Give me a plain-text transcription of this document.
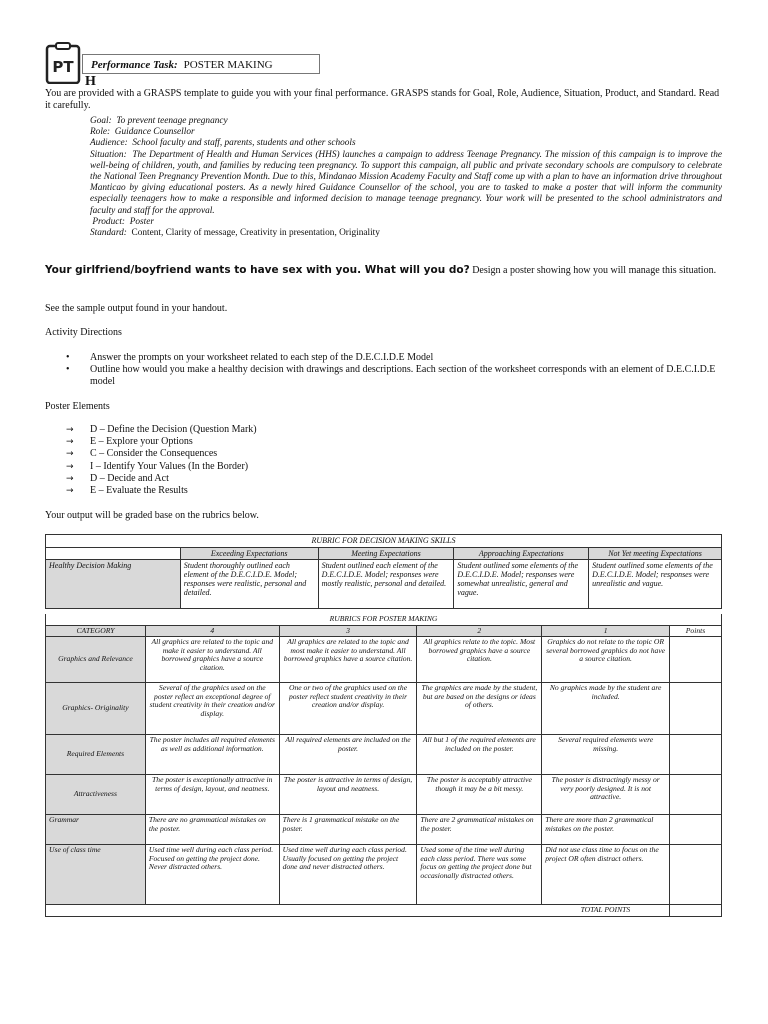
PT	Performance Task: POSTER MAKING
H
You are provided with a GRASPS template to guide you with your final performance. GRASPS stands for Goal, Role, Audience, Situation, Product, and Standard. Read it carefully.
Goal: To prevent teenage pregnancy
Role: Guidance Counsellor
Audience: School faculty and staff, parents, students and other schools
Situation: The Department of Health and Human Services (HHS) launches a campaign to address Teenage Pregnancy. The mission of this campaign is to improve the well-being of children, youth, and families by reducing teen pregnancy. To support this campaign, all public and private secondary schools are compulsory to celebrate the National Teen Pregnancy Prevention Month. Due to this, Mindanao Mission Academy Faculty and Staff come up with a plan to have an information drive throughout Manticao by giving educational posters. As a newly hired Guidance Counsellor of the school, you are to tasked to make a poster that will inform the community especially teenagers how to make a responsible and informed decision to manage teenage pregnancy. Your work will be presented to the school administrators and faculty and staff for the approval.
Product: Poster
Standard: Content, Clarity of message, Creativity in presentation, Originality
Your girlfriend/boyfriend wants to have sex with you. What will you do? Design a poster showing how you will manage this situation.
See the sample output found in your handout.
Activity Directions
• Answer the prompts on your worksheet related to each step of the D.E.C.I.D.E Model
• Outline how would you make a healthy decision with drawings and descriptions. Each section of the worksheet corresponds with an element of D.E.C.I.D.E model
Poster Elements
→ D – Define the Decision (Question Mark)
→ E – Explore your Options
→ C – Consider the Consequences
→ I – Identify Your Values (In the Border)
→ D – Decide and Act
→ E – Evaluate the Results
Your output will be graded base on the rubrics below.
RUBRIC FOR DECISION MAKING SKILLS				
	Exceeding Expectations	Meeting Expectations	Approaching Expectations	Not Yet meeting Expectations
Healthy Decision Making	Student thoroughly outlined each element of the D.E.C.I.D.E. Model; responses were realistic, personal and detailed.	Student outlined each element of the D.E.C.I.D.E. Model; responses were mostly realistic, personal and detailed.	Student outlined some elements of the D.E.C.I.D.E. Model; responses were somewhat unrealistic, general and vague.	Student outlined some elements of the D.E.C.I.D.E. Model; responses were unrealistic and vague.
RUBRICS FOR POSTER MAKING					
CATEGORY	4	3	2	1	Points
Graphics and Relevance	All graphics are related to the topic and make it easier to understand. All borrowed graphics have a source citation.	All graphics are related to the topic and most make it easier to understand. All borrowed graphics have a source citation.	All graphics relate to the topic. Most borrowed graphics have a source citation.	Graphics do not relate to the topic OR several borrowed graphics do not have a source citation.	
Graphics- Originality	Several of the graphics used on the poster reflect an exceptional degree of student creativity in their creation and/or display.	One or two of the graphics used on the poster reflect student creativity in their creation and/or display.	The graphics are made by the student, but are based on the designs or ideas of others.	No graphics made by the student are included.	
Required Elements	The poster includes all required elements as well as additional information.	All required elements are included on the poster.	All but 1 of the required elements are included on the poster.	Several required elements were missing.	
Attractiveness	The poster is exceptionally attractive in terms of design, layout, and neatness.	The poster is attractive in terms of design, layout and neatness.	The poster is acceptably attractive though it may be a bit messy.	The poster is distractingly messy or very poorly designed. It is not attractive.	
Grammar	There are no grammatical mistakes on the poster.	There is 1 grammatical mistake on the poster.	There are 2 grammatical mistakes on the poster.	There are more than 2 grammatical mistakes on the poster.	
Use of class time	Used time well during each class period. Focused on getting the project done. Never distracted others.	Used time well during each class period. Usually focused on getting the project done and never distracted others.	Used some of the time well during each class period. There was some focus on getting the project done but occasionally distracted others.	Did not use class time to focus on the project OR often distract others.	
				TOTAL POINTS	
